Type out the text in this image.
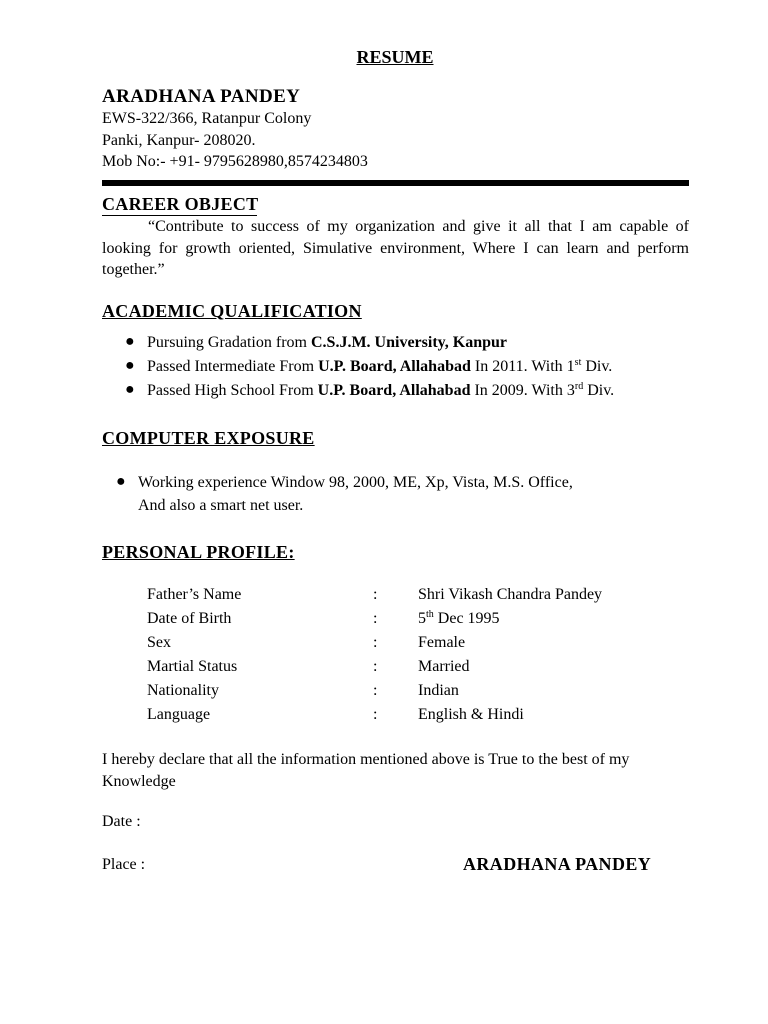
RESUME
ARADHANA PANDEY
EWS-322/366, Ratanpur Colony
Panki, Kanpur- 208020.
Mob No:- +91- 9795628980,8574234803
CAREER OBJECT
“Contribute to success of my organization and give it all that I am capable of looking for growth oriented, Simulative environment, Where I can learn and perform together.”
ACADEMIC QUALIFICATION
● Pursuing Gradation from C.S.J.M. University, Kanpur
● Passed Intermediate From U.P. Board, Allahabad In 2011. With 1st Div.
● Passed High School From U.P. Board, Allahabad In 2009. With 3rd Div.
COMPUTER EXPOSURE
● Working experience Window 98, 2000, ME, Xp, Vista, M.S. Office,
And also a smart net user.
PERSONAL PROFILE:
Father’s Name	:	Shri Vikash Chandra Pandey
Date of Birth	:	5th Dec 1995
Sex	:	Female
Martial Status	:	Married
Nationality	:	Indian
Language	:	English & Hindi
I hereby declare that all the information mentioned above is True to the best of my Knowledge
Date :
Place :	ARADHANA PANDEY
